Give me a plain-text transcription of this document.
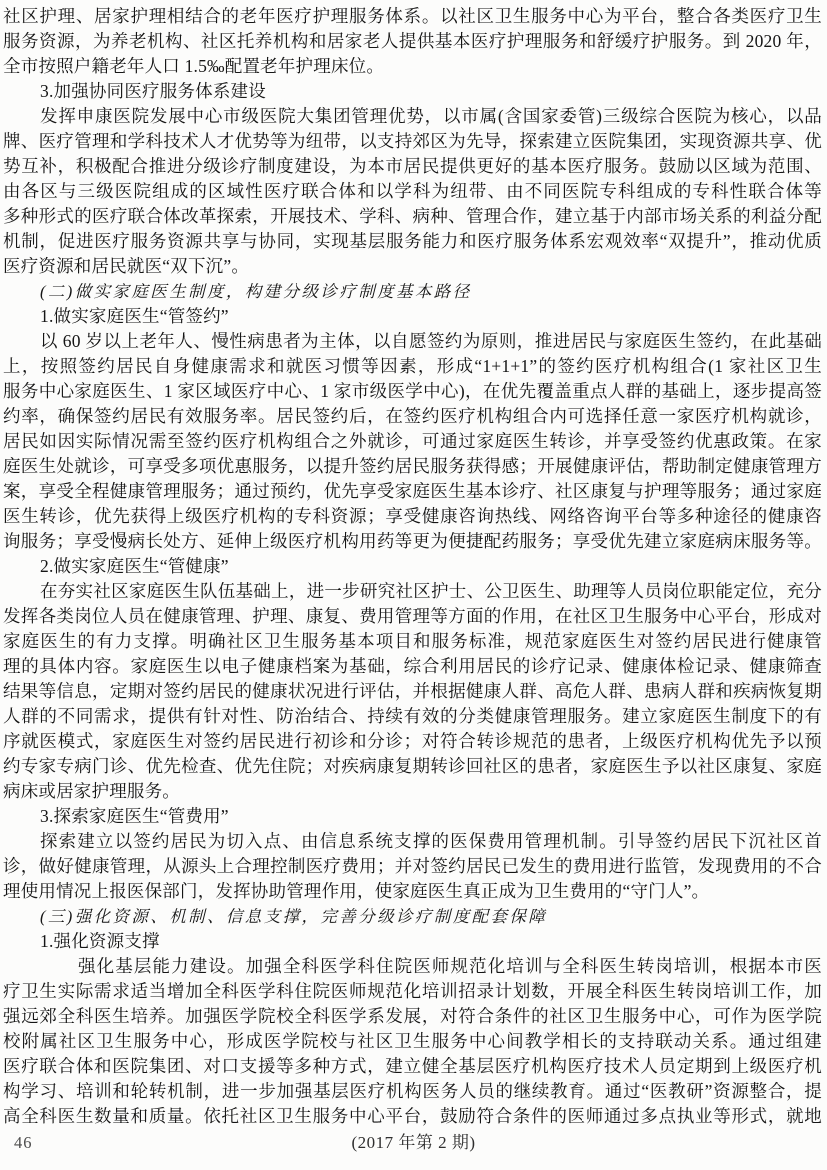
社区护理、居家护理相结合的老年医疗护理服务体系。以社区卫生服务中心为平台，整合各类医疗卫生
服务资源，为养老机构、社区托养机构和居家老人提供基本医疗护理服务和舒缓疗护服务。到 2020 年，
全市按照户籍老年人口 1.5‰配置老年护理床位。
3.加强协同医疗服务体系建设
发挥申康医院发展中心市级医院大集团管理优势，以市属(含国家委管)三级综合医院为核心，以品
牌、医疗管理和学科技术人才优势等为纽带，以支持郊区为先导，探索建立医院集团，实现资源共享、优
势互补，积极配合推进分级诊疗制度建设，为本市居民提供更好的基本医疗服务。鼓励以区域为范围、
由各区与三级医院组成的区域性医疗联合体和以学科为纽带、由不同医院专科组成的专科性联合体等
多种形式的医疗联合体改革探索，开展技术、学科、病种、管理合作，建立基于内部市场关系的利益分配
机制，促进医疗服务资源共享与协同，实现基层服务能力和医疗服务体系宏观效率“双提升”，推动优质
医疗资源和居民就医“双下沉”。
(二)做实家庭医生制度，构建分级诊疗制度基本路径
1.做实家庭医生“管签约”
以 60 岁以上老年人、慢性病患者为主体，以自愿签约为原则，推进居民与家庭医生签约，在此基础
上，按照签约居民自身健康需求和就医习惯等因素，形成“1+1+1”的签约医疗机构组合(1 家社区卫生
服务中心家庭医生、1 家区域医疗中心、1 家市级医学中心)，在优先覆盖重点人群的基础上，逐步提高签
约率，确保签约居民有效服务率。居民签约后，在签约医疗机构组合内可选择任意一家医疗机构就诊，
居民如因实际情况需至签约医疗机构组合之外就诊，可通过家庭医生转诊，并享受签约优惠政策。在家
庭医生处就诊，可享受多项优惠服务，以提升签约居民服务获得感；开展健康评估，帮助制定健康管理方
案，享受全程健康管理服务；通过预约，优先享受家庭医生基本诊疗、社区康复与护理等服务；通过家庭
医生转诊，优先获得上级医疗机构的专科资源；享受健康咨询热线、网络咨询平台等多种途径的健康咨
询服务；享受慢病长处方、延伸上级医疗机构用药等更为便捷配药服务；享受优先建立家庭病床服务等。
2.做实家庭医生“管健康”
在夯实社区家庭医生队伍基础上，进一步研究社区护士、公卫医生、助理等人员岗位职能定位，充分
发挥各类岗位人员在健康管理、护理、康复、费用管理等方面的作用，在社区卫生服务中心平台，形成对
家庭医生的有力支撑。明确社区卫生服务基本项目和服务标准，规范家庭医生对签约居民进行健康管
理的具体内容。家庭医生以电子健康档案为基础，综合利用居民的诊疗记录、健康体检记录、健康筛查
结果等信息，定期对签约居民的健康状况进行评估，并根据健康人群、高危人群、患病人群和疾病恢复期
人群的不同需求，提供有针对性、防治结合、持续有效的分类健康管理服务。建立家庭医生制度下的有
序就医模式，家庭医生对签约居民进行初诊和分诊；对符合转诊规范的患者，上级医疗机构优先予以预
约专家专病门诊、优先检查、优先住院；对疾病康复期转诊回社区的患者，家庭医生予以社区康复、家庭
病床或居家护理服务。
3.探索家庭医生“管费用”
探索建立以签约居民为切入点、由信息系统支撑的医保费用管理机制。引导签约居民下沉社区首
诊，做好健康管理，从源头上合理控制医疗费用；并对签约居民已发生的费用进行监管，发现费用的不合
理使用情况上报医保部门，发挥协助管理作用，使家庭医生真正成为卫生费用的“守门人”。
(三)强化资源、机制、信息支撑，完善分级诊疗制度配套保障
1.强化资源支撑
强化基层能力建设。加强全科医学科住院医师规范化培训与全科医生转岗培训，根据本市医
疗卫生实际需求适当增加全科医学科住院医师规范化培训招录计划数，开展全科医生转岗培训工作，加
强远郊全科医生培养。加强医学院校全科医学系发展，对符合条件的社区卫生服务中心，可作为医学院
校附属社区卫生服务中心，形成医学院校与社区卫生服务中心间教学相长的支持联动关系。通过组建
医疗联合体和医院集团、对口支援等多种方式，建立健全基层医疗机构医疗技术人员定期到上级医疗机
构学习、培训和轮转机制，进一步加强基层医疗机构医务人员的继续教育。通过“医教研”资源整合，提
高全科医生数量和质量。依托社区卫生服务中心平台，鼓励符合条件的医师通过多点执业等形式，就地
46	(2017 年第 2 期)
